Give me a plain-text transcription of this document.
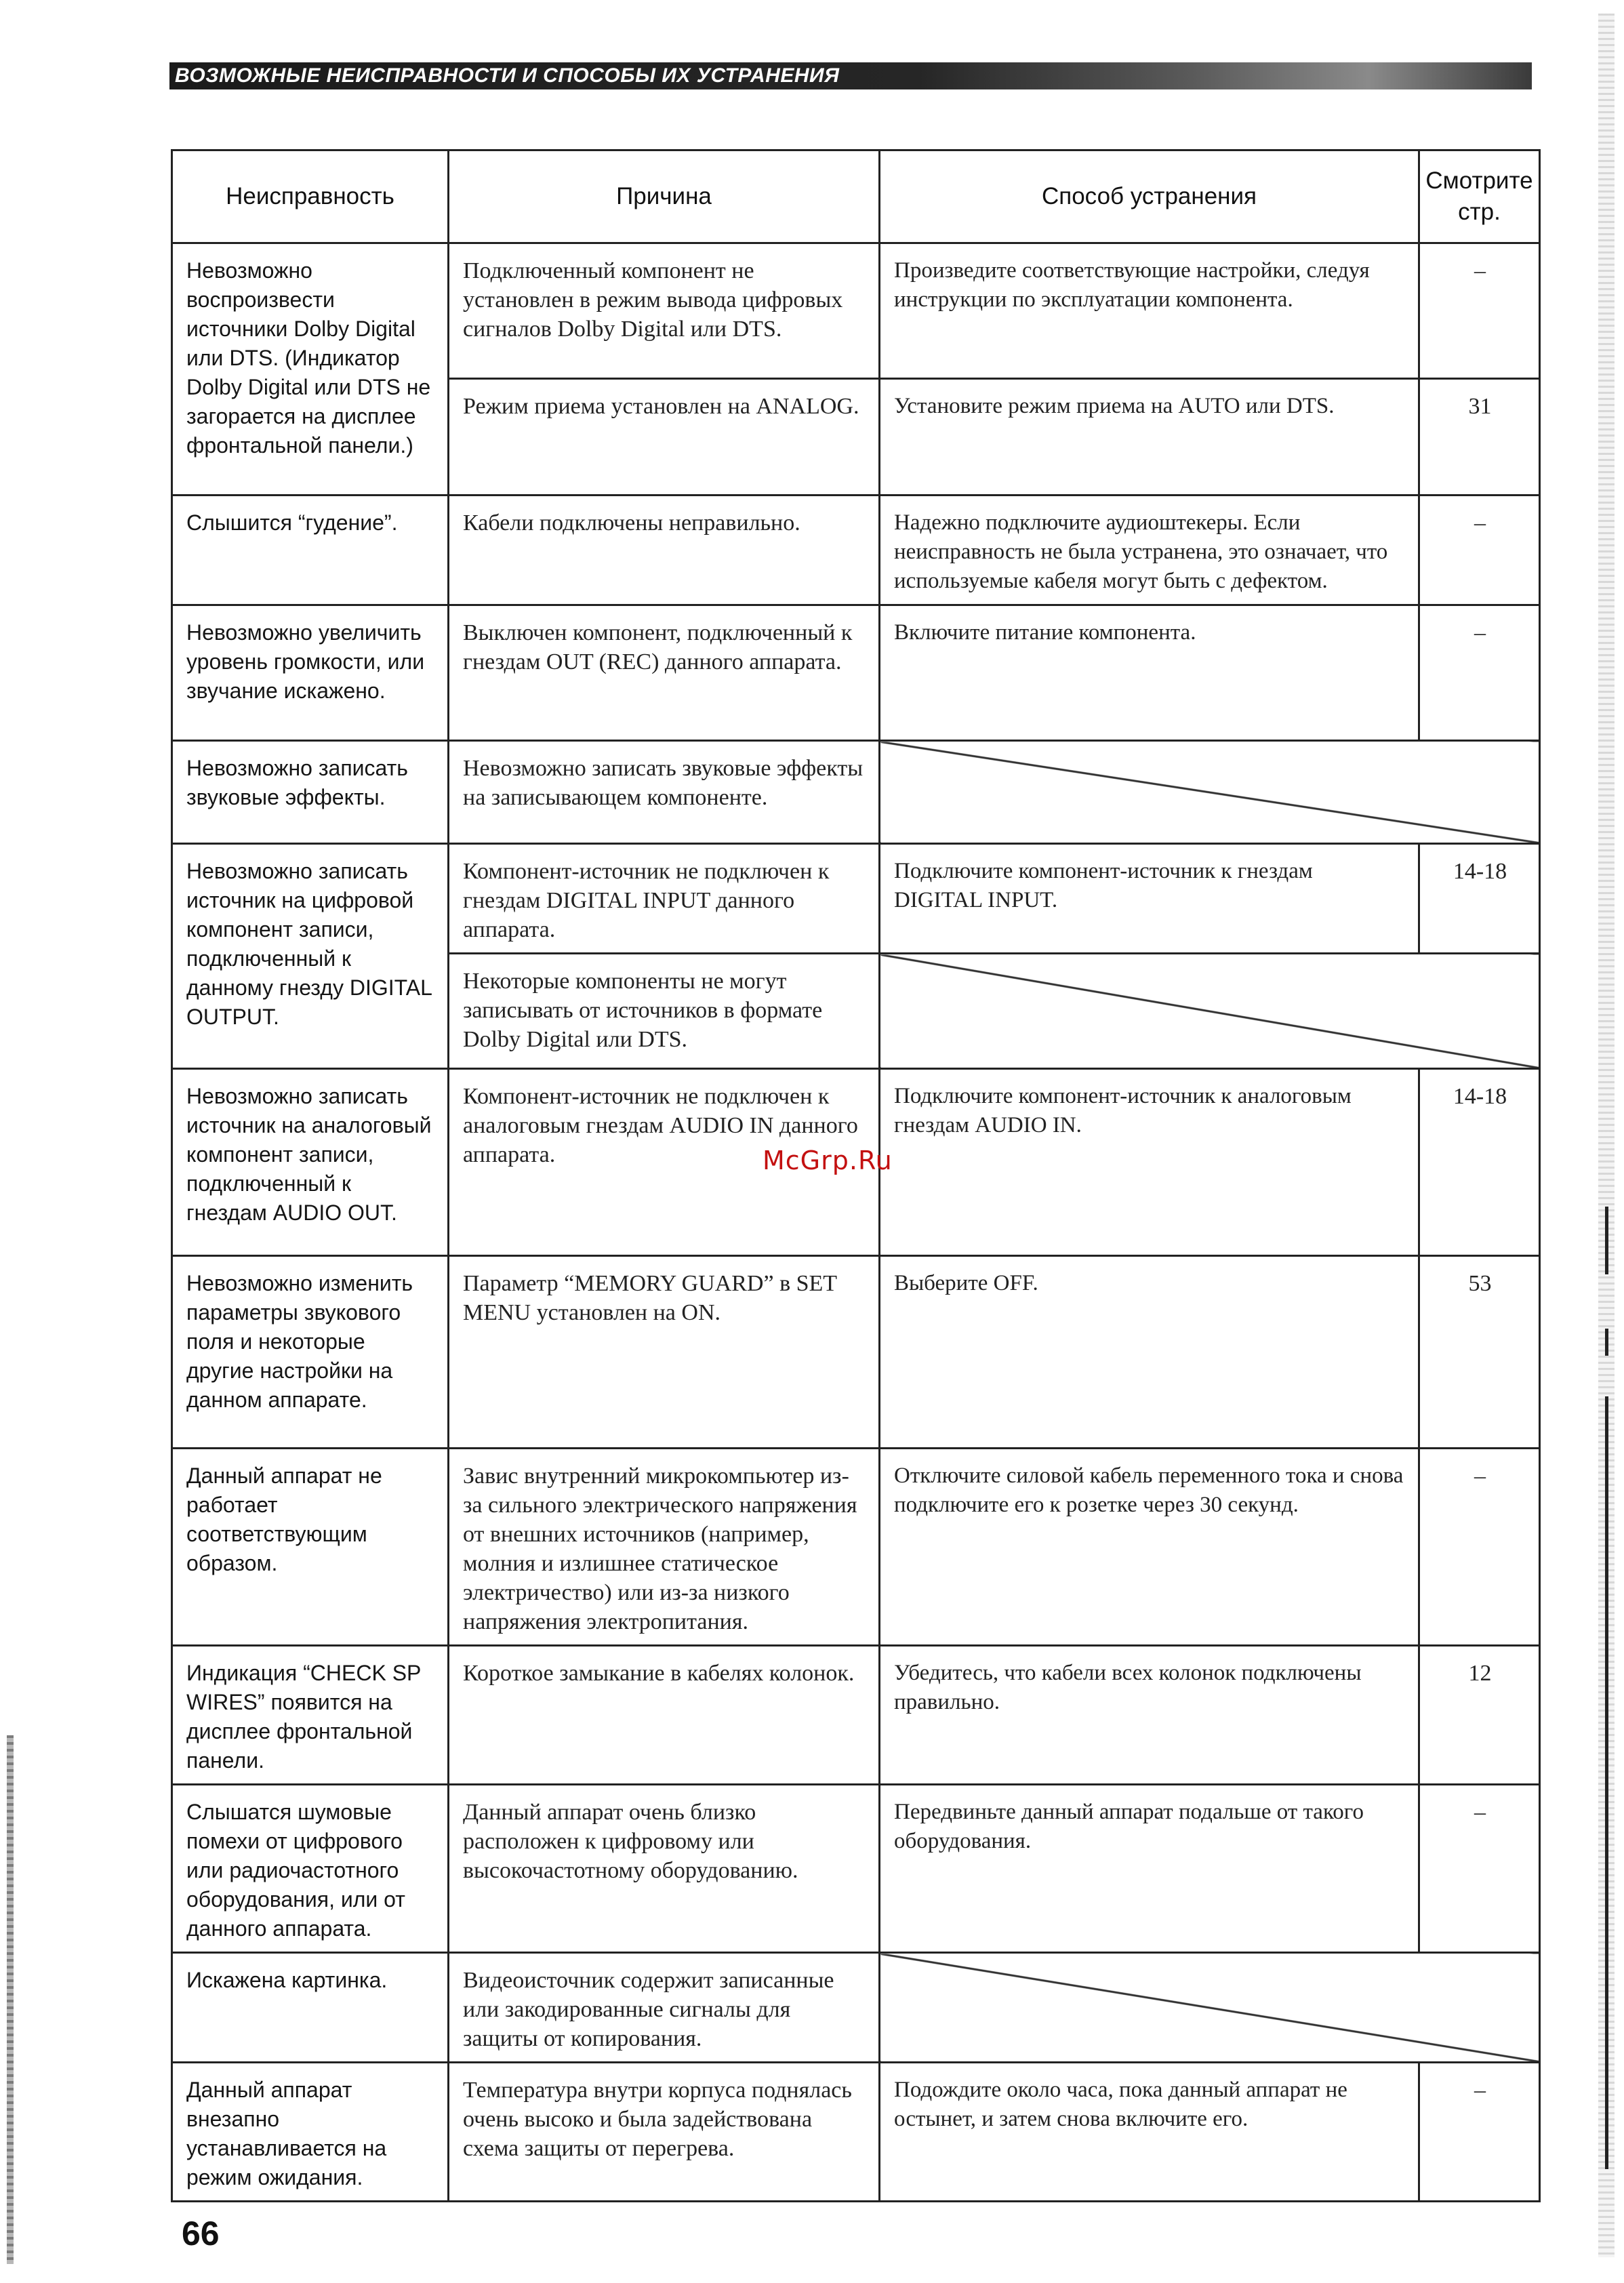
ВОЗМОЖНЫЕ НЕИСПРАВНОСТИ И СПОСОБЫ ИХ УСТРАНЕНИЯ
Неисправность	Причина	Способ устранения	Смотрите стр.
Невозможно воспроизвести источники Dolby Digital или DTS. (Индикатор Dolby Digital или DTS не загорается на дисплее фронтальной панели.)	Подключенный компонент не установлен в режим вывода цифровых сигналов Dolby Digital или DTS.	Произведите соответствующие настройки, следуя инструкции по эксплуатации компонента.	–
	Режим приема установлен на ANALOG.	Установите режим приема на AUTO или DTS.	31
Слышится “гудение”.	Кабели подключены неправильно.	Надежно подключите аудиоштекеры. Если неисправность не была устранена, это означает, что используемые кабеля могут быть с дефектом.	–
Невозможно увеличить уровень громкости, или звучание искажено.	Выключен компонент, подключенный к гнездам OUT (REC) данного аппарата.	Включите питание компонента.	–
Невозможно записать звуковые эффекты.	Невозможно записать звуковые эффекты на записывающем компоненте.		
Невозможно записать источник на цифровой компонент записи, подключенный к данному гнезду DIGITAL OUTPUT.	Компонент-источник не подключен к гнездам DIGITAL INPUT данного аппарата.	Подключите компонент-источник к гнездам DIGITAL INPUT.	14-18
	Некоторые компоненты не могут записывать от источников в формате Dolby Digital или DTS.		
Невозможно записать источник на аналоговый компонент записи, подключенный к гнездам AUDIO OUT.	Компонент-источник не подключен к аналоговым гнездам AUDIO IN данного аппарата.	Подключите компонент-источник к аналоговым гнездам AUDIO IN.	14-18
Невозможно изменить параметры звукового поля и некоторые другие настройки на данном аппарате.	Параметр “MEMORY GUARD” в SET MENU установлен на ON.	Выберите OFF.	53
Данный аппарат не работает соответствующим образом.	Завис внутренний микрокомпьютер из-за сильного электрического напряжения от внешних источников (например, молния и излишнее статическое электричество) или из-за низкого напряжения электропитания.	Отключите силовой кабель переменного тока и снова подключите его к розетке через 30 секунд.	–
Индикация “CHECK SP WIRES” появится на дисплее фронтальной панели.	Короткое замыкание в кабелях колонок.	Убедитесь, что кабели всех колонок подключены правильно.	12
Слышатся шумовые помехи от цифрового или радиочастотного оборудования, или от данного аппарата.	Данный аппарат очень близко расположен к цифровому или высокочастотному оборудованию.	Передвиньте данный аппарат подальше от такого оборудования.	–
Искажена картинка.	Видеоисточник содержит записанные или закодированные сигналы для защиты от копирования.		
Данный аппарат внезапно устанавливается на режим ожидания.	Температура внутри корпуса поднялась очень высоко и была задействована схема защиты от перегрева.	Подождите около часа, пока данный аппарат не остынет, и затем снова включите его.	–
McGrp.Ru
66
